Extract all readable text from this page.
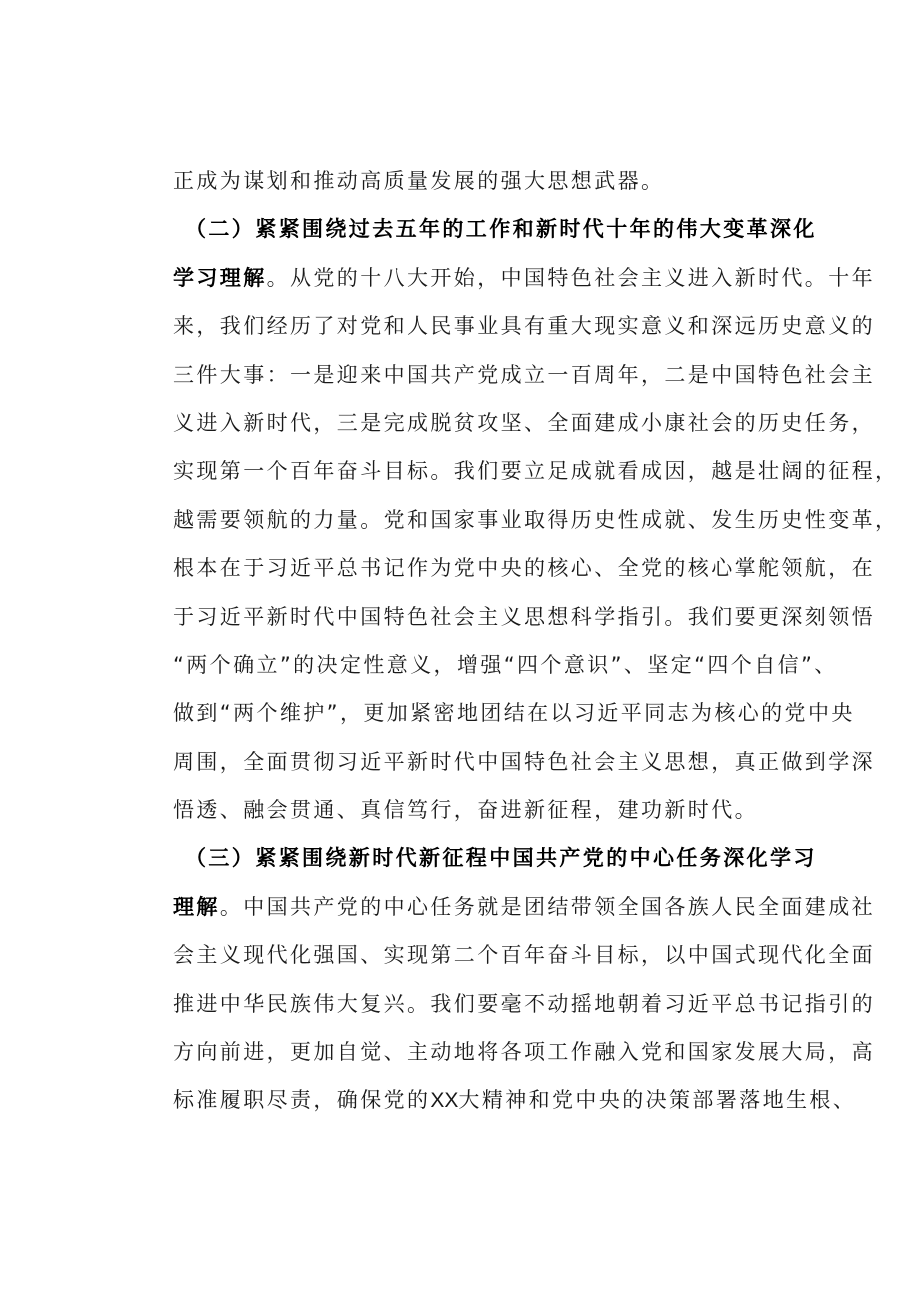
正成为谋划和推动高质量发展的强大思想武器。
（二）紧紧围绕过去五年的工作和新时代十年的伟大变革深化
学习理解。从党的十八大开始，中国特色社会主义进入新时代。十年
来，我们经历了对党和人民事业具有重大现实意义和深远历史意义的
三件大事：一是迎来中国共产党成立一百周年，二是中国特色社会主
义进入新时代，三是完成脱贫攻坚、全面建成小康社会的历史任务，
实现第一个百年奋斗目标。我们要立足成就看成因，越是壮阔的征程，
越需要领航的力量。党和国家事业取得历史性成就、发生历史性变革，
根本在于习近平总书记作为党中央的核心、全党的核心掌舵领航，在
于习近平新时代中国特色社会主义思想科学指引。我们要更深刻领悟
“两个确立”的决定性意义，增强“四个意识”、坚定“四个自信”、
做到“两个维护”，更加紧密地团结在以习近平同志为核心的党中央
周围，全面贯彻习近平新时代中国特色社会主义思想，真正做到学深
悟透、融会贯通、真信笃行，奋进新征程，建功新时代。
（三）紧紧围绕新时代新征程中国共产党的中心任务深化学习
理解。中国共产党的中心任务就是团结带领全国各族人民全面建成社
会主义现代化强国、实现第二个百年奋斗目标，以中国式现代化全面
推进中华民族伟大复兴。我们要毫不动摇地朝着习近平总书记指引的
方向前进，更加自觉、主动地将各项工作融入党和国家发展大局，高
标准履职尽责，确保党的XX大精神和党中央的决策部署落地生根、
